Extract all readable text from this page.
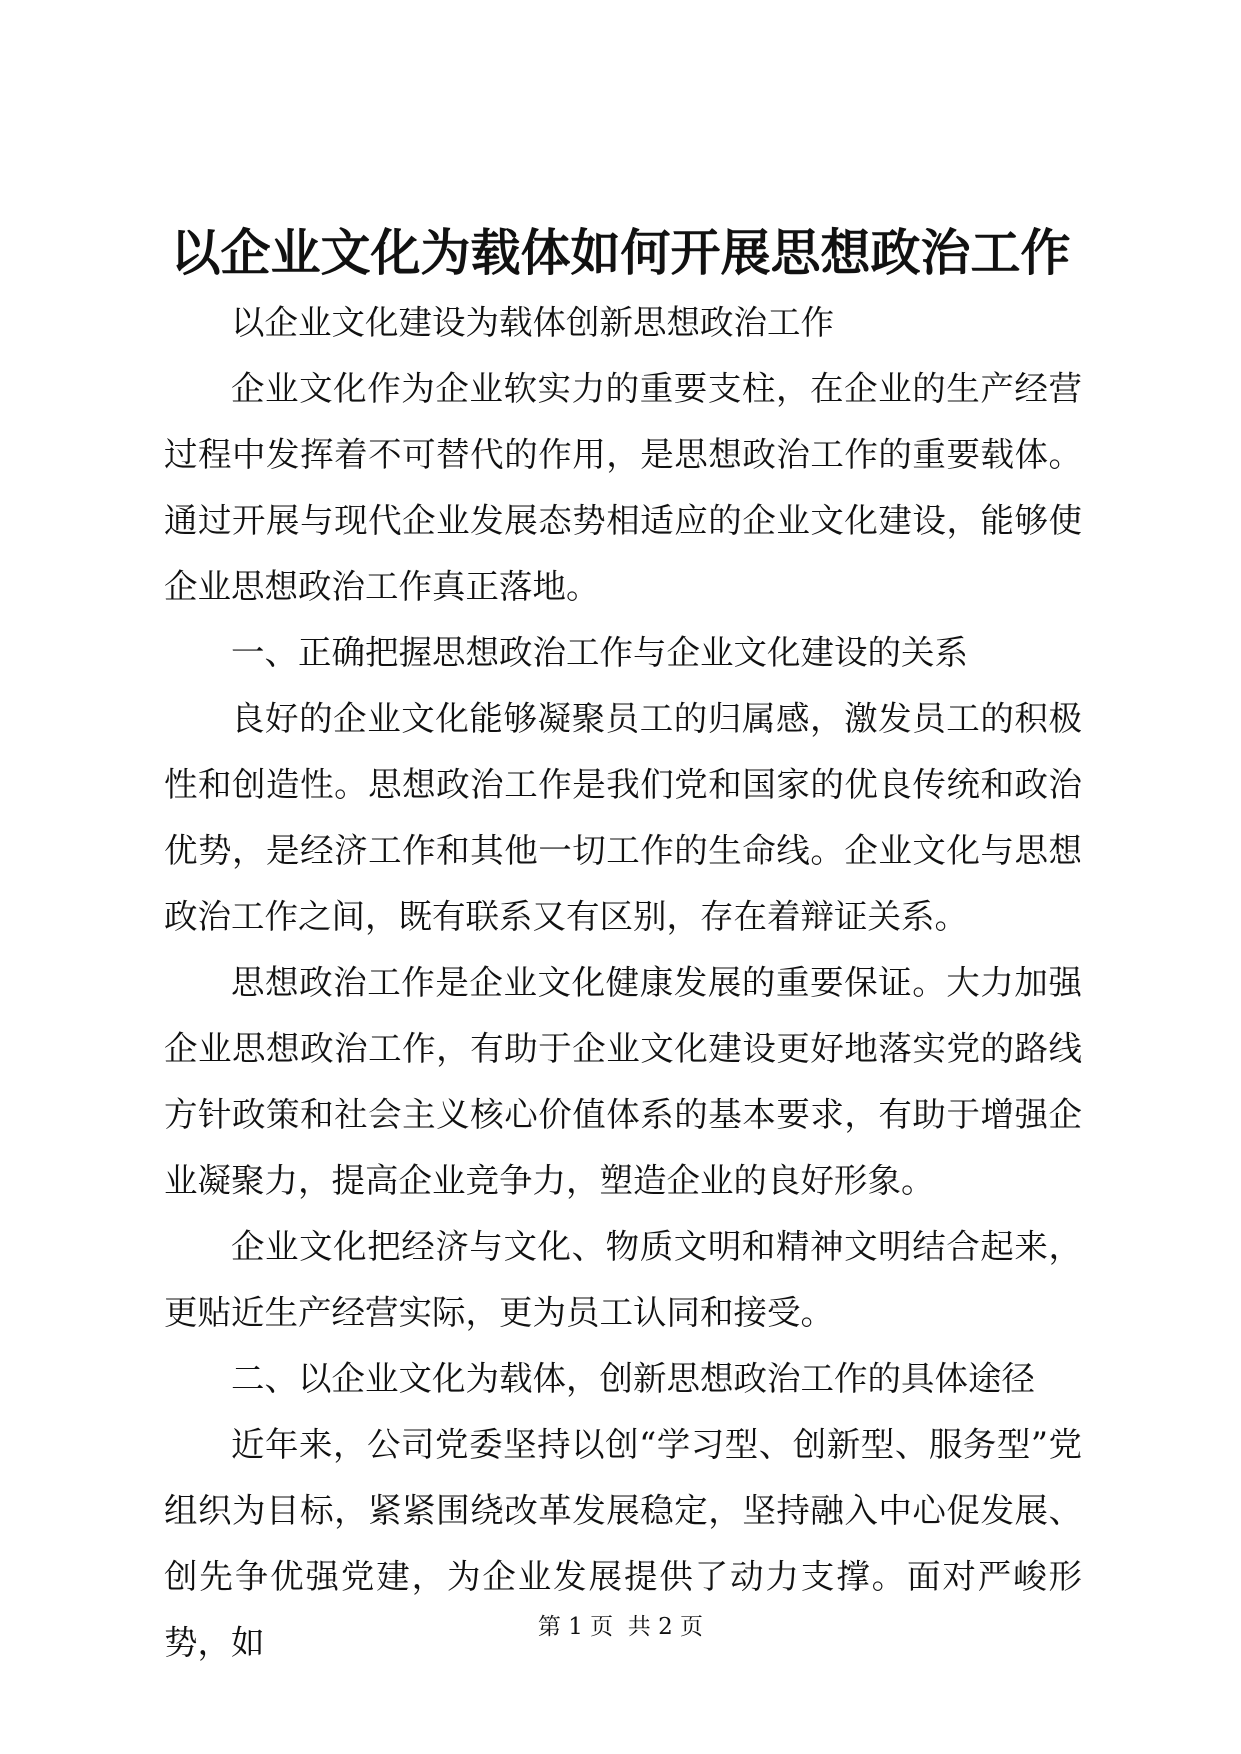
以企业文化为载体如何开展思想政治工作

以企业文化建设为载体创新思想政治工作

企业文化作为企业软实力的重要支柱，在企业的生产经营过程中发挥着不可替代的作用，是思想政治工作的重要载体。通过开展与现代企业发展态势相适应的企业文化建设，能够使企业思想政治工作真正落地。

一、正确把握思想政治工作与企业文化建设的关系

良好的企业文化能够凝聚员工的归属感，激发员工的积极性和创造性。思想政治工作是我们党和国家的优良传统和政治优势，是经济工作和其他一切工作的生命线。企业文化与思想政治工作之间，既有联系又有区别，存在着辩证关系。

思想政治工作是企业文化健康发展的重要保证。大力加强企业思想政治工作，有助于企业文化建设更好地落实党的路线方针政策和社会主义核心价值体系的基本要求，有助于增强企业凝聚力，提高企业竞争力，塑造企业的良好形象。

企业文化把经济与文化、物质文明和精神文明结合起来，更贴近生产经营实际，更为员工认同和接受。

二、以企业文化为载体，创新思想政治工作的具体途径

近年来，公司党委坚持以创“学习型、创新型、服务型”党组织为目标，紧紧围绕改革发展稳定，坚持融入中心促发展、创先争优强党建，为企业发展提供了动力支撑。面对严峻形势，如	第 1 页  共 2 页
